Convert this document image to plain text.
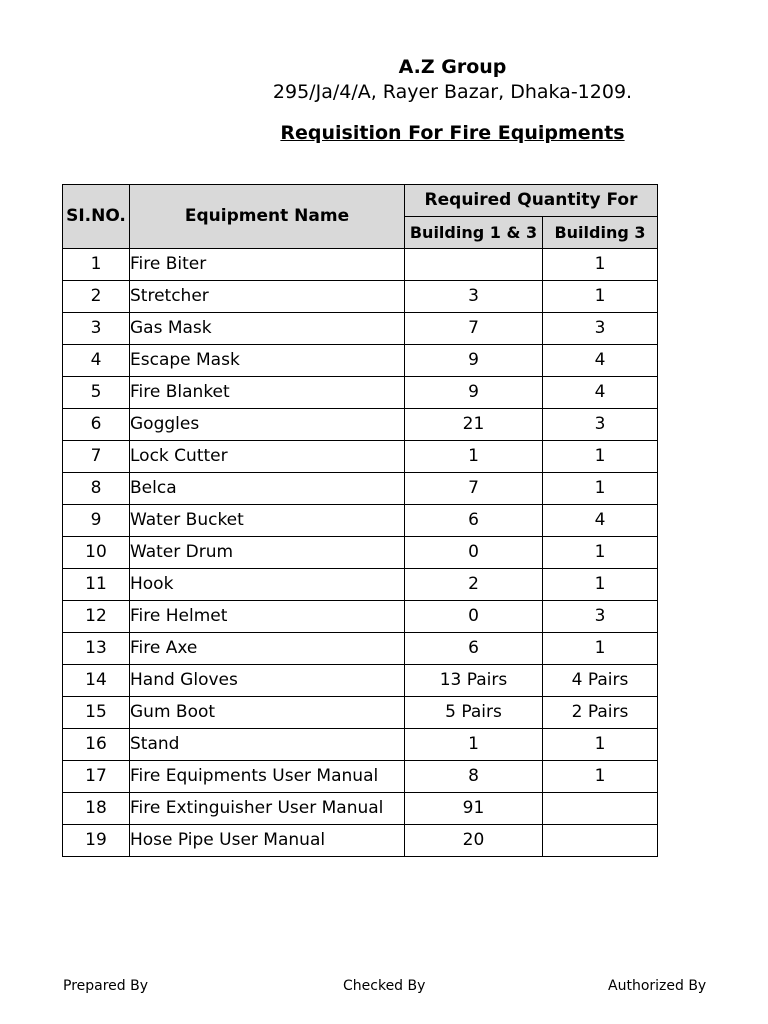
A.Z Group
295/Ja/4/A, Rayer Bazar, Dhaka-1209.
Requisition For Fire Equipments
SI.NO.	Equipment Name	Required Quantity For	
		Building 1 & 3	Building 3
1	Fire Biter		1
2	Stretcher	3	1
3	Gas Mask	7	3
4	Escape Mask	9	4
5	Fire Blanket	9	4
6	Goggles	21	3
7	Lock Cutter	1	1
8	Belca	7	1
9	Water Bucket	6	4
10	Water Drum	0	1
11	Hook	2	1
12	Fire Helmet	0	3
13	Fire Axe	6	1
14	Hand Gloves	13 Pairs	4 Pairs
15	Gum Boot	5 Pairs	2 Pairs
16	Stand	1	1
17	Fire Equipments User Manual	8	1
18	Fire Extinguisher User Manual	91	
19	Hose Pipe User Manual	20	
Prepared By	Checked By	Authorized By
